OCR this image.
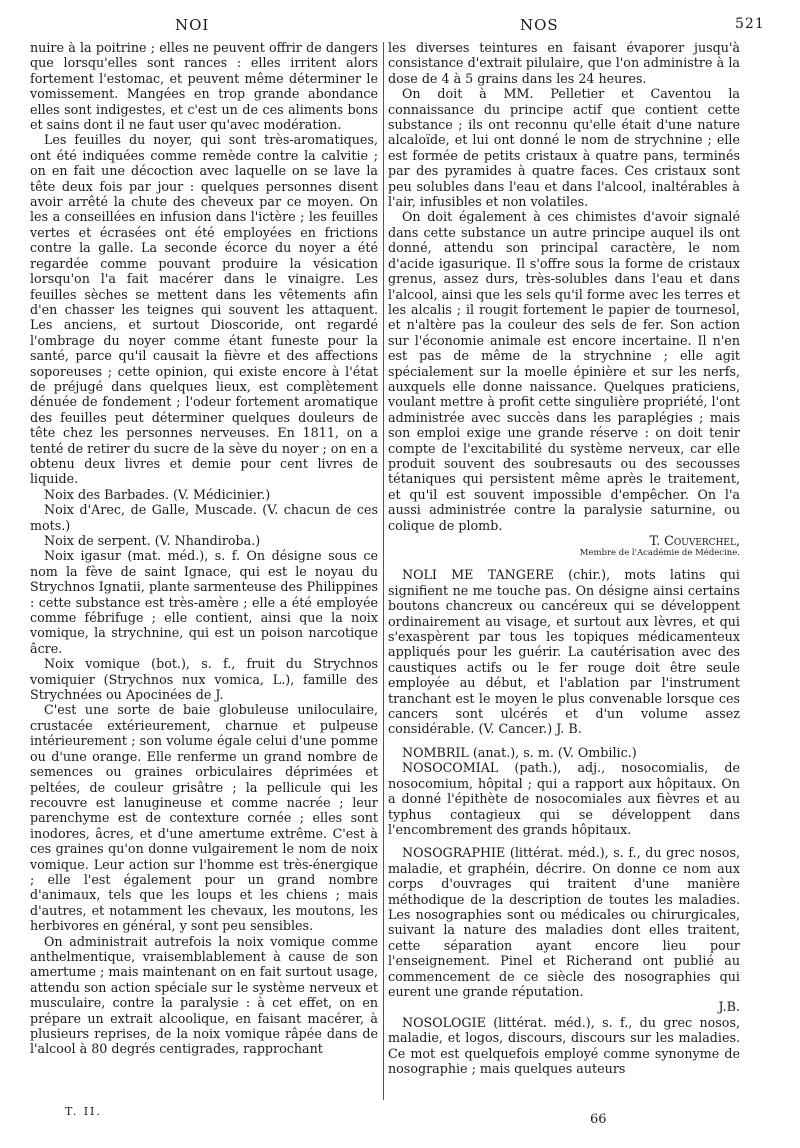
NOI	NOS	521

nuire à la poitrine ; elles ne peuvent offrir de dangers que lorsqu'elles sont rances : elles irritent alors fortement l'estomac, et peuvent même déterminer le vomissement. Mangées en trop grande abondance elles sont indigestes, et c'est un de ces aliments bons et sains dont il ne faut user qu'avec modération.

Les feuilles du noyer, qui sont très-aromatiques, ont été indiquées comme remède contre la calvitie ; on en fait une décoction avec laquelle on se lave la tête deux fois par jour : quelques personnes disent avoir arrêté la chute des cheveux par ce moyen. On les a conseillées en infusion dans l'ictère ; les feuilles vertes et écrasées ont été employées en frictions contre la galle. La seconde écorce du noyer a été regardée comme pouvant produire la vésication lorsqu'on l'a fait macérer dans le vinaigre. Les feuilles sèches se mettent dans les vêtements afin d'en chasser les teignes qui souvent les attaquent. Les anciens, et surtout Dioscoride, ont regardé l'ombrage du noyer comme étant funeste pour la santé, parce qu'il causait la fièvre et des affections soporeuses ; cette opinion, qui existe encore à l'état de préjugé dans quelques lieux, est complètement dénuée de fondement ; l'odeur fortement aromatique des feuilles peut déterminer quelques douleurs de tête chez les personnes nerveuses. En 1811, on a tenté de retirer du sucre de la sève du noyer ; on en a obtenu deux livres et demie pour cent livres de liquide.

Noix des Barbades. (V. Médicinier.)

Noix d'Arec, de Galle, Muscade. (V. chacun de ces mots.)

Noix de serpent. (V. Nhandiroba.)

Noix igasur (mat. méd.), s. f. On désigne sous ce nom la fève de saint Ignace, qui est le noyau du Strychnos Ignatii, plante sarmenteuse des Philippines : cette substance est très-amère ; elle a été employée comme fébrifuge ; elle contient, ainsi que la noix vomique, la strychnine, qui est un poison narcotique âcre.

Noix vomique (bot.), s. f., fruit du Strychnos vomiquier (Strychnos nux vomica, L.), famille des Strychnées ou Apocinées de J.

C'est une sorte de baie globuleuse uniloculaire, crustacée extérieurement, charnue et pulpeuse intérieurement ; son volume égale celui d'une pomme ou d'une orange. Elle renferme un grand nombre de semences ou graines orbiculaires déprimées et peltées, de couleur grisâtre ; la pellicule qui les recouvre est lanugineuse et comme nacrée ; leur parenchyme est de contexture cornée ; elles sont inodores, âcres, et d'une amertume extrême. C'est à ces graines qu'on donne vulgairement le nom de noix vomique. Leur action sur l'homme est très-énergique ; elle l'est également pour un grand nombre d'animaux, tels que les loups et les chiens ; mais d'autres, et notamment les chevaux, les moutons, les herbivores en général, y sont peu sensibles.

On administrait autrefois la noix vomique comme anthelmentique, vraisemblablement à cause de son amertume ; mais maintenant on en fait surtout usage, attendu son action spéciale sur le système nerveux et musculaire, contre la paralysie : à cet effet, on en prépare un extrait alcoolique, en faisant macérer, à plusieurs reprises, de la noix vomique râpée dans de l'alcool à 80 degrés centigrades, rapprochant

les diverses teintures en faisant évaporer jusqu'à consistance d'extrait pilulaire, que l'on administre à la dose de 4 à 5 grains dans les 24 heures.

On doit à MM. Pelletier et Caventou la connaissance du principe actif que contient cette substance ; ils ont reconnu qu'elle était d'une nature alcaloïde, et lui ont donné le nom de strychnine ; elle est formée de petits cristaux à quatre pans, terminés par des pyramides à quatre faces. Ces cristaux sont peu solubles dans l'eau et dans l'alcool, inaltérables à l'air, infusibles et non volatiles.

On doit également à ces chimistes d'avoir signalé dans cette substance un autre principe auquel ils ont donné, attendu son principal caractère, le nom d'acide igasurique. Il s'offre sous la forme de cristaux grenus, assez durs, très-solubles dans l'eau et dans l'alcool, ainsi que les sels qu'il forme avec les terres et les alcalis ; il rougit fortement le papier de tournesol, et n'altère pas la couleur des sels de fer. Son action sur l'économie animale est encore incertaine. Il n'en est pas de même de la strychnine ; elle agit spécialement sur la moelle épinière et sur les nerfs, auxquels elle donne naissance. Quelques praticiens, voulant mettre à profit cette singulière propriété, l'ont administrée avec succès dans les paraplégies ; mais son emploi exige une grande réserve : on doit tenir compte de l'excitabilité du système nerveux, car elle produit souvent des soubresauts ou des secousses tétaniques qui persistent même après le traitement, et qu'il est souvent impossible d'empêcher. On l'a aussi administrée contre la paralysie saturnine, ou colique de plomb.

T. Couverchel,

Membre de l'Académie de Médecine.

NOLI ME TANGERE (chir.), mots latins qui signifient ne me touche pas. On désigne ainsi certains boutons chancreux ou cancéreux qui se développent ordinairement au visage, et surtout aux lèvres, et qui s'exaspèrent par tous les topiques médicamenteux appliqués pour les guérir. La cautérisation avec des caustiques actifs ou le fer rouge doit être seule employée au début, et l'ablation par l'instrument tranchant est le moyen le plus convenable lorsque ces cancers sont ulcérés et d'un volume assez considérable. (V. Cancer.) J. B.

NOMBRIL (anat.), s. m. (V. Ombilic.)

NOSOCOMIAL (path.), adj., nosocomialis, de nosocomium, hôpital ; qui a rapport aux hôpitaux. On a donné l'épithète de nosocomiales aux fièvres et au typhus contagieux qui se développent dans l'encombrement des grands hôpitaux.

NOSOGRAPHIE (littérat. méd.), s. f., du grec nosos, maladie, et graphéin, décrire. On donne ce nom aux corps d'ouvrages qui traitent d'une manière méthodique de la description de toutes les maladies. Les nosographies sont ou médicales ou chirurgicales, suivant la nature des maladies dont elles traitent, cette séparation ayant encore lieu pour l'enseignement. Pinel et Richerand ont publié au commencement de ce siècle des nosographies qui eurent une grande réputation.

J.B.

NOSOLOGIE (littérat. méd.), s. f., du grec nosos, maladie, et logos, discours, discours sur les maladies. Ce mot est quelquefois employé comme synonyme de nosographie ; mais quelques auteurs

T. II.
66
